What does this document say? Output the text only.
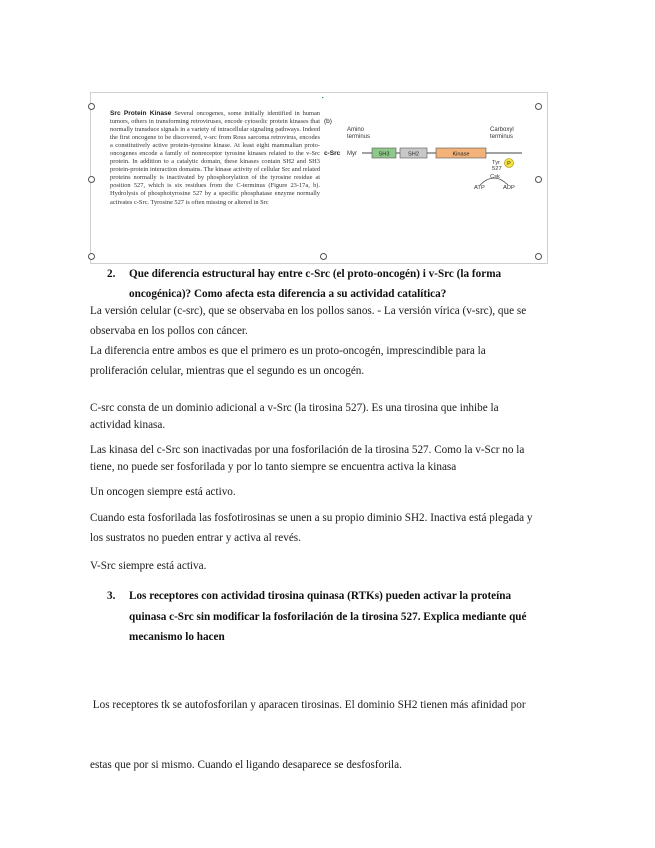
Src Protein Kinase Several oncogenes, some initially identified in human tumors, others in transforming retroviruses, encode cytosolic protein kinases that normally transduce signals in a variety of intracellular signaling pathways. Indeed the first oncogene to be discovered, v-src from Rous sarcoma retrovirus, encodes a constitutively active protein-tyrosine kinase. At least eight mammalian proto-oncogenes encode a family of nonreceptor tyrosine kinases related to the v-Src protein. In addition to a catalytic domain, these kinases contain SH2 and SH3 protein-protein interaction domains. The kinase activity of cellular Src and related proteins normally is inactivated by phosphorylation of the tyrosine residue at position 527, which is six residues from the C-terminus (Figure 23-17a, b). Hydrolysis of phosphotyrosine 527 by a specific phosphatase enzyme normally activates c-Src. Tyrosine 527 is often missing or altered in Src
(b)
Amino
terminus
Carboxyl
terminus
c-Src Myr	SH3	SH2	Kinase
Tyr
527
P
Csk
ATP	ADP
2. Que diferencia estructural hay entre c-Src (el proto-oncogén) i v-Src (la forma
oncogénica)? Como afecta esta diferencia a su actividad catalítica?
La versión celular (c-src), que se observaba en los pollos sanos. - La versión vírica (v-src), que se
observaba en los pollos con cáncer.
La diferencia entre ambos es que el primero es un proto-oncogén, imprescindible para la
proliferación celular, mientras que el segundo es un oncogén.
C-src consta de un dominio adicional a v-Src (la tirosina 527). Es una tirosina que inhibe la
actividad kinasa.
Las kinasa del c-Src son inactivadas por una fosforilación de la tirosina 527. Como la v-Scr no la
tiene, no puede ser fosforilada y por lo tanto siempre se encuentra activa la kinasa
Un oncogen siempre está activo.
Cuando esta fosforilada las fosfotirosinas se unen a su propio diminio SH2. Inactiva está plegada y
los sustratos no pueden entrar y activa al revés.
V-Src siempre está activa.
3. Los receptores con actividad tirosina quinasa (RTKs) pueden activar la proteína
quinasa c-Src sin modificar la fosforilación de la tirosina 527. Explica mediante qué
mecanismo lo hacen

Los receptores tk se autofosforilan y aparacen tirosinas. El dominio SH2 tienen más afinidad por

estas que por si mismo. Cuando el ligando desaparece se desfosforila.
